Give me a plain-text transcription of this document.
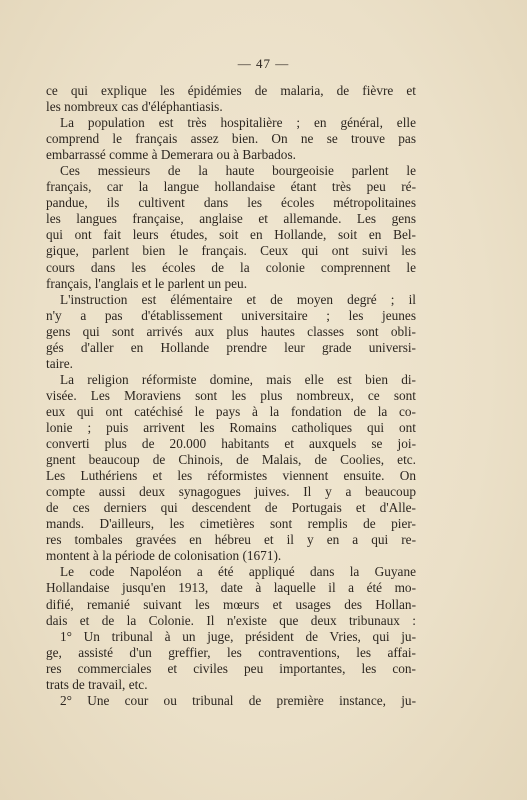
— 47 —
ce qui explique les épidémies de malaria, de fièvre et
les nombreux cas d'éléphantiasis.
La population est très hospitalière ; en général, elle
comprend le français assez bien. On ne se trouve pas
embarrassé comme à Demerara ou à Barbados.
Ces messieurs de la haute bourgeoisie parlent le
français, car la langue hollandaise étant très peu ré-
pandue, ils cultivent dans les écoles métropolitaines
les langues française, anglaise et allemande. Les gens
qui ont fait leurs études, soit en Hollande, soit en Bel-
gique, parlent bien le français. Ceux qui ont suivi les
cours dans les écoles de la colonie comprennent le
français, l'anglais et le parlent un peu.
L'instruction est élémentaire et de moyen degré ; il
n'y a pas d'établissement universitaire ; les jeunes
gens qui sont arrivés aux plus hautes classes sont obli-
gés d'aller en Hollande prendre leur grade universi-
taire.
La religion réformiste domine, mais elle est bien di-
visée. Les Moraviens sont les plus nombreux, ce sont
eux qui ont catéchisé le pays à la fondation de la co-
lonie ; puis arrivent les Romains catholiques qui ont
converti plus de 20.000 habitants et auxquels se joi-
gnent beaucoup de Chinois, de Malais, de Coolies, etc.
Les Luthériens et les réformistes viennent ensuite. On
compte aussi deux synagogues juives. Il y a beaucoup
de ces derniers qui descendent de Portugais et d'Alle-
mands. D'ailleurs, les cimetières sont remplis de pier-
res tombales gravées en hébreu et il y en a qui re-
montent à la période de colonisation (1671).
Le code Napoléon a été appliqué dans la Guyane
Hollandaise jusqu'en 1913, date à laquelle il a été mo-
difié, remanié suivant les mœurs et usages des Hollan-
dais et de la Colonie. Il n'existe que deux tribunaux :
1° Un tribunal à un juge, président de Vries, qui ju-
ge, assisté d'un greffier, les contraventions, les affai-
res commerciales et civiles peu importantes, les con-
trats de travail, etc.
2° Une cour ou tribunal de première instance, ju-
